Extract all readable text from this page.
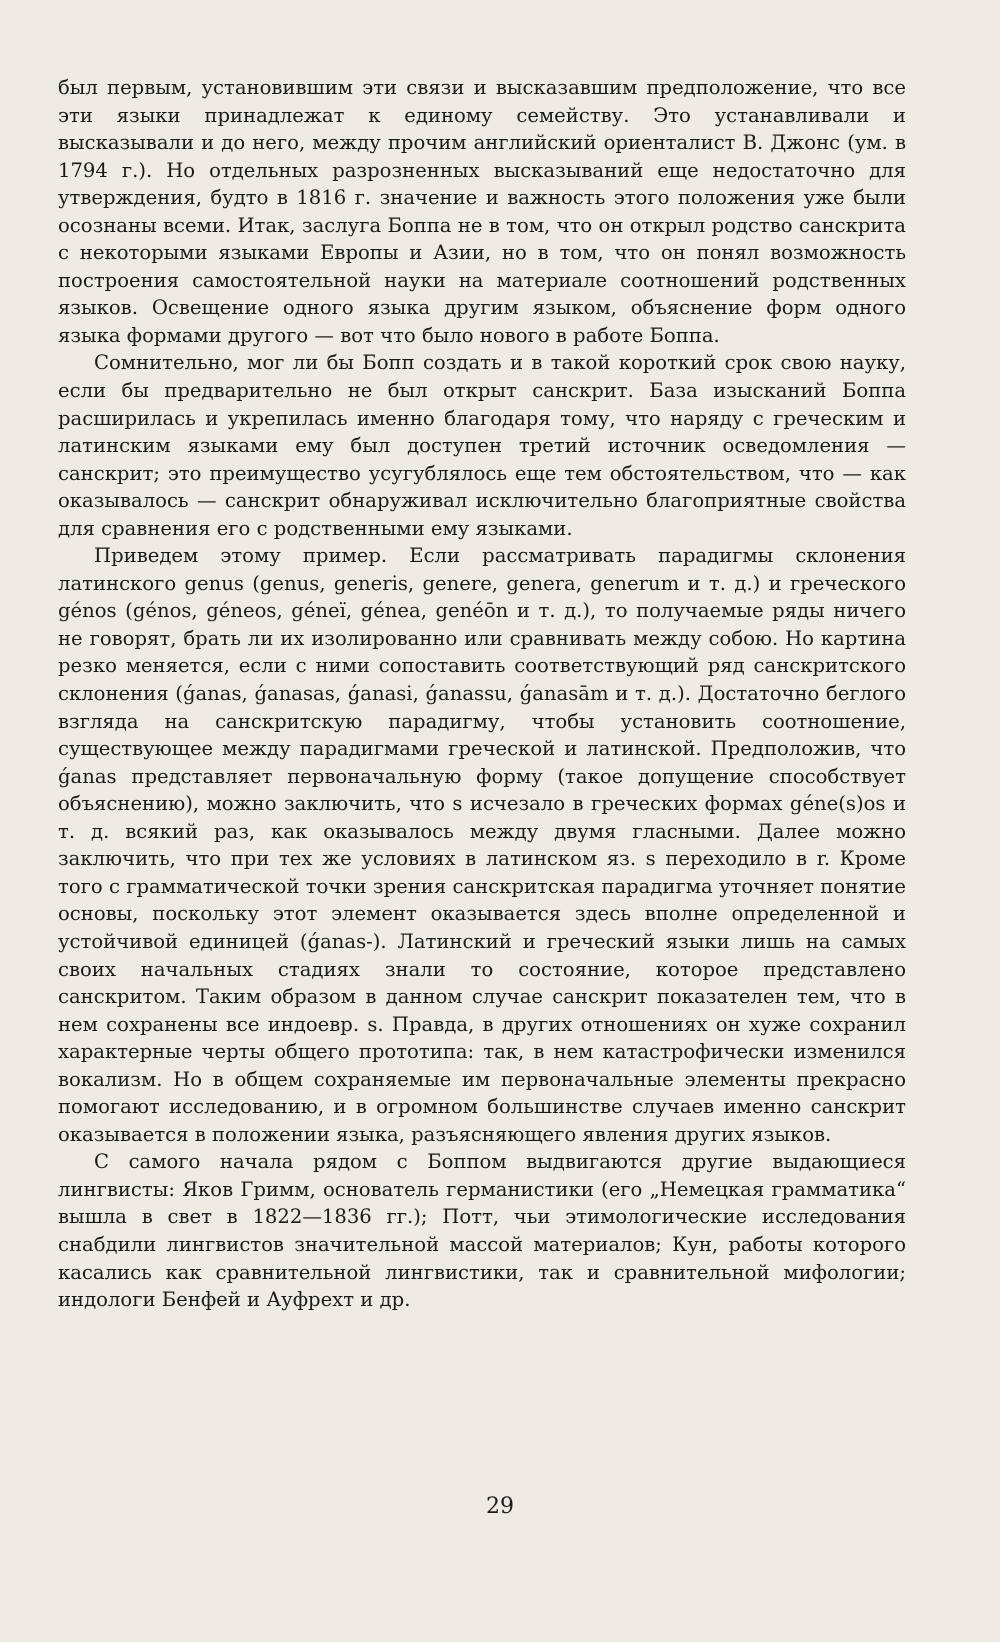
был первым, установившим эти связи и высказавшим предположение, что все эти языки принадлежат к единому семейству. Это устанавливали и высказывали и до него, между прочим английский ориенталист В. Джонс (ум. в 1794 г.). Но отдельных разрозненных высказываний еще недостаточно для утверждения, будто в 1816 г. значение и важность этого положения уже были осознаны всеми. Итак, заслуга Боппа не в том, что он открыл родство санскрита с некоторыми языками Европы и Азии, но в том, что он понял возможность построения самостоятельной науки на материале соотношений родственных языков. Освещение одного языка другим языком, объяснение форм одного языка формами другого — вот что было нового в работе Боппа.

Сомнительно, мог ли бы Бопп создать и в такой короткий срок свою науку, если бы предварительно не был открыт санскрит. База изысканий Боппа расширилась и укрепилась именно благодаря тому, что наряду с греческим и латинским языками ему был доступен третий источник осведомления — санскрит; это преимущество усугублялось еще тем обстоятельством, что — как оказывалось — санскрит обнаруживал исключительно благоприятные свойства для сравнения его с родственными ему языками.

Приведем этому пример. Если рассматривать парадигмы склонения латинского genus (genus, generis, genere, genera, generum и т. д.) и греческого génos (génos, géneos, géneï, génea, genéōn и т. д.), то получаемые ряды ничего не говорят, брать ли их изолированно или сравнивать между собою. Но картина резко меняется, если с ними сопоставить соответствующий ряд санскритского склонения (ǵanas, ǵanasas, ǵanasi, ǵanassu, ǵanasām и т. д.). Достаточно беглого взгляда на санскритскую парадигму, чтобы установить соотношение, существующее между парадигмами греческой и латинской. Предположив, что ǵanas представляет первоначальную форму (такое допущение способствует объяснению), можно заключить, что s исчезало в греческих формах géne(s)os и т. д. всякий раз, как оказывалось между двумя гласными. Далее можно заключить, что при тех же условиях в латинском яз. s переходило в r. Кроме того с грамматической точки зрения санскритская парадигма уточняет понятие основы, поскольку этот элемент оказывается здесь вполне определенной и устойчивой единицей (ǵanas-). Латинский и греческий языки лишь на самых своих начальных стадиях знали то состояние, которое представлено санскритом. Таким образом в данном случае санскрит показателен тем, что в нем сохранены все индоевр. s. Правда, в других отношениях он хуже сохранил характерные черты общего прототипа: так, в нем катастрофически изменился вокализм. Но в общем сохраняемые им первоначальные элементы прекрасно помогают исследованию, и в огромном большинстве случаев именно санскрит оказывается в положении языка, разъясняющего явления других языков.

С самого начала рядом с Боппом выдвигаются другие выдающиеся лингвисты: Яков Гримм, основатель германистики (его „Немецкая грамматика“ вышла в свет в 1822—1836 гг.); Потт, чьи этимологические исследования снабдили лингвистов значительной массой материалов; Кун, работы которого касались как сравнительной лингвистики, так и сравнительной мифологии; индологи Бенфей и Ауфрехт и др.

29
